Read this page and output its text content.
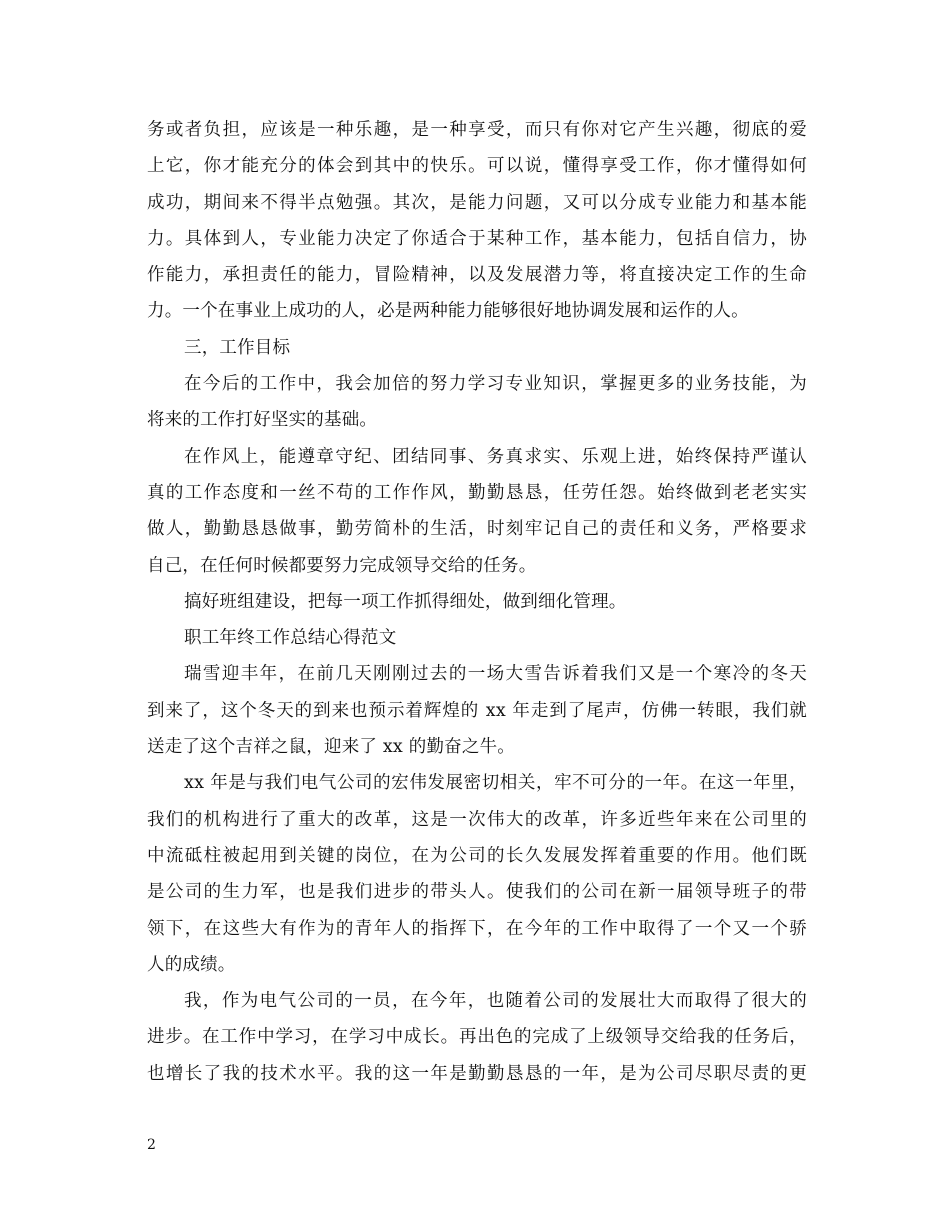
务或者负担，应该是一种乐趣，是一种享受，而只有你对它产生兴趣，彻底的爱
上它，你才能充分的体会到其中的快乐。可以说，懂得享受工作，你才懂得如何
成功，期间来不得半点勉强。其次，是能力问题，又可以分成专业能力和基本能
力。具体到人，专业能力决定了你适合于某种工作，基本能力，包括自信力，协
作能力，承担责任的能力，冒险精神，以及发展潜力等，将直接决定工作的生命
力。一个在事业上成功的人，必是两种能力能够很好地协调发展和运作的人。
三，工作目标
在今后的工作中，我会加倍的努力学习专业知识，掌握更多的业务技能，为
将来的工作打好坚实的基础。
在作风上，能遵章守纪、团结同事、务真求实、乐观上进，始终保持严谨认
真的工作态度和一丝不苟的工作作风，勤勤恳恳，任劳任怨。始终做到老老实实
做人，勤勤恳恳做事，勤劳简朴的生活，时刻牢记自己的责任和义务，严格要求
自己，在任何时候都要努力完成领导交给的任务。
搞好班组建设，把每一项工作抓得细处，做到细化管理。
职工年终工作总结心得范文
瑞雪迎丰年，在前几天刚刚过去的一场大雪告诉着我们又是一个寒冷的冬天
到来了，这个冬天的到来也预示着辉煌的 xx 年走到了尾声，仿佛一转眼，我们就
送走了这个吉祥之鼠，迎来了 xx 的勤奋之牛。
xx 年是与我们电气公司的宏伟发展密切相关，牢不可分的一年。在这一年里，
我们的机构进行了重大的改革，这是一次伟大的改革，许多近些年来在公司里的
中流砥柱被起用到关键的岗位，在为公司的长久发展发挥着重要的作用。他们既
是公司的生力军，也是我们进步的带头人。使我们的公司在新一届领导班子的带
领下，在这些大有作为的青年人的指挥下，在今年的工作中取得了一个又一个骄
人的成绩。
我，作为电气公司的一员，在今年，也随着公司的发展壮大而取得了很大的
进步。在工作中学习，在学习中成长。再出色的完成了上级领导交给我的任务后，
也增长了我的技术水平。我的这一年是勤勤恳恳的一年，是为公司尽职尽责的更
2
